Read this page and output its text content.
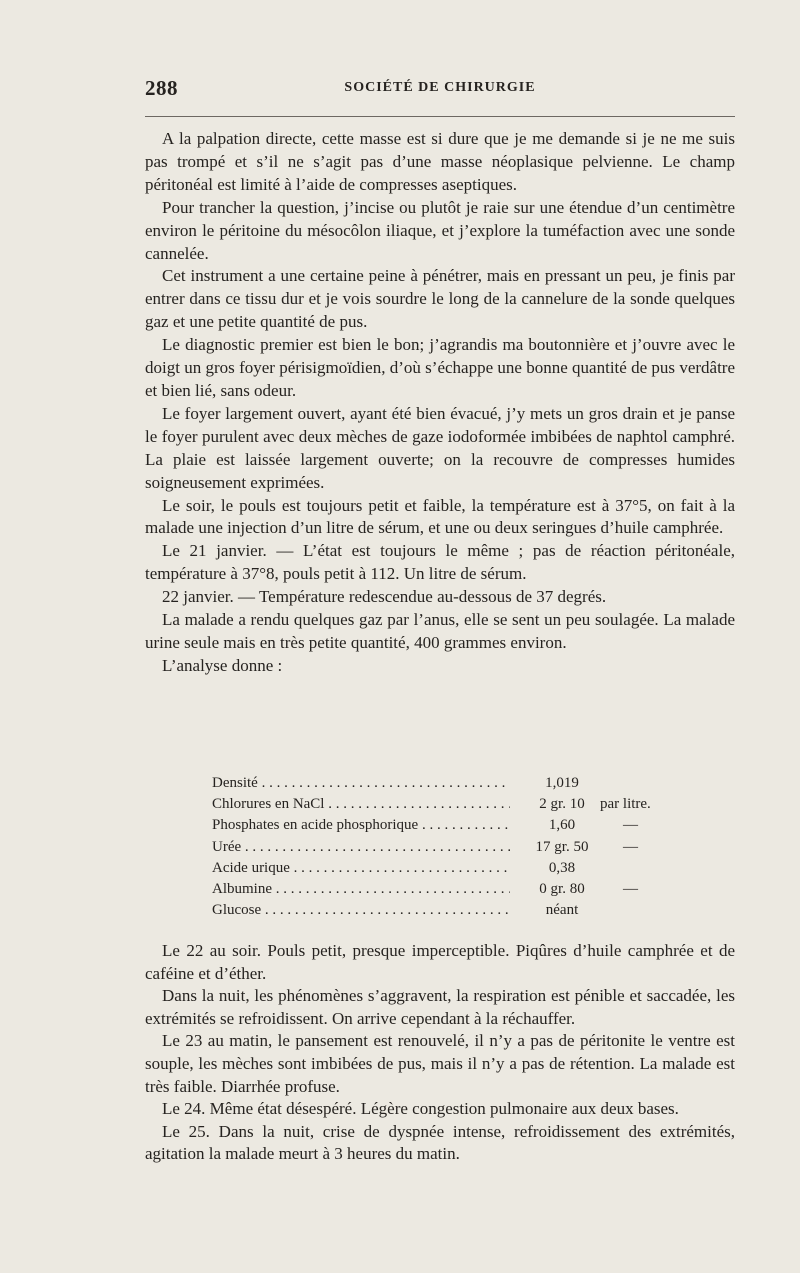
288	SOCIÉTÉ DE CHIRURGIE

A la palpation directe, cette masse est si dure que je me demande si je ne me suis pas trompé et s’il ne s’agit pas d’une masse néoplasique pelvienne. Le champ péritonéal est limité à l’aide de compresses aseptiques.

Pour trancher la question, j’incise ou plutôt je raie sur une étendue d’un centimètre environ le péritoine du mésocôlon iliaque, et j’explore la tuméfaction avec une sonde cannelée.

Cet instrument a une certaine peine à pénétrer, mais en pressant un peu, je finis par entrer dans ce tissu dur et je vois sourdre le long de la cannelure de la sonde quelques gaz et une petite quantité de pus.

Le diagnostic premier est bien le bon; j’agrandis ma boutonnière et j’ouvre avec le doigt un gros foyer périsigmoïdien, d’où s’échappe une bonne quantité de pus verdâtre et bien lié, sans odeur.

Le foyer largement ouvert, ayant été bien évacué, j’y mets un gros drain et je panse le foyer purulent avec deux mèches de gaze iodoformée imbibées de naphtol camphré. La plaie est laissée largement ouverte; on la recouvre de compresses humides soigneusement exprimées.

Le soir, le pouls est toujours petit et faible, la température est à 37°5, on fait à la malade une injection d’un litre de sérum, et une ou deux seringues d’huile camphrée.

Le 21 janvier. — L’état est toujours le même ; pas de réaction péritonéale, température à 37°8, pouls petit à 112. Un litre de sérum.

22 janvier. — Température redescendue au-dessous de 37 degrés.

La malade a rendu quelques gaz par l’anus, elle se sent un peu soulagée. La malade urine seule mais en très petite quantité, 400 grammes environ.

L’analyse donne :

Densité . . .	1,019
Chlorures en NaCl . . .	2 gr. 10	par litre.
Phosphates en acide phosphorique . . .	1,60	—
Urée . . .	17 gr. 50	—
Acide urique . . .	0,38
Albumine . . .	0 gr. 80	—
Glucose . . .	néant

Le 22 au soir. Pouls petit, presque imperceptible. Piqûres d’huile camphrée et de caféine et d’éther.

Dans la nuit, les phénomènes s’aggravent, la respiration est pénible et saccadée, les extrémités se refroidissent. On arrive cependant à la réchauffer.

Le 23 au matin, le pansement est renouvelé, il n’y a pas de péritonite le ventre est souple, les mèches sont imbibées de pus, mais il n’y a pas de rétention. La malade est très faible. Diarrhée profuse.

Le 24. Même état désespéré. Légère congestion pulmonaire aux deux bases.

Le 25. Dans la nuit, crise de dyspnée intense, refroidissement des extrémités, agitation la malade meurt à 3 heures du matin.
